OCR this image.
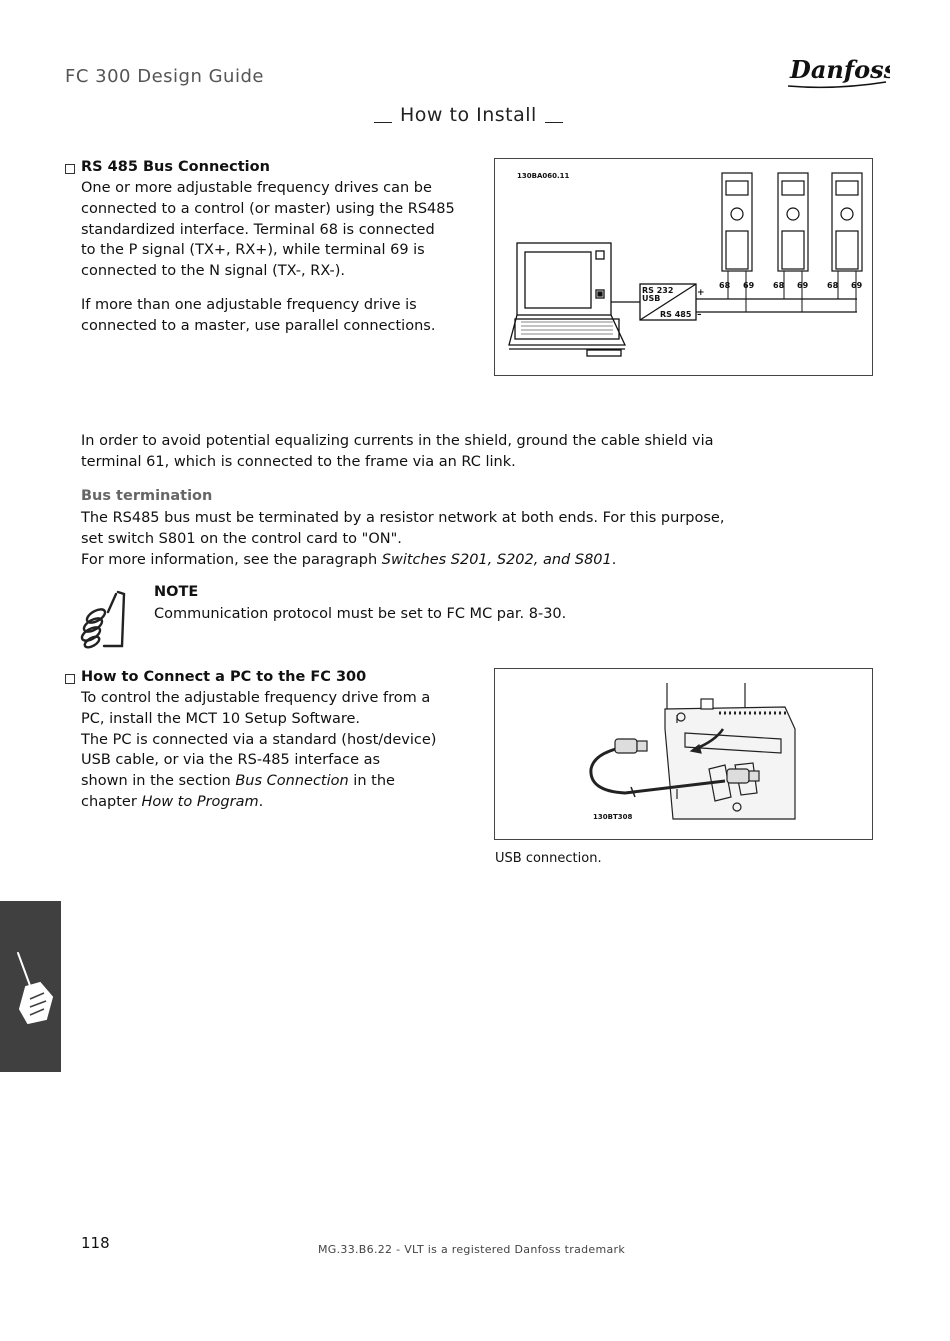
FC 300 Design Guide	Danfoss
How to Install
RS 485 Bus Connection
One or more adjustable frequency drives can be
connected to a control (or master) using the RS485
standardized interface. Terminal 68 is connected
to the P signal (TX+, RX+), while terminal 69 is
connected to the N signal (TX-, RX-).
If more than one adjustable frequency drive is
connected to a master, use parallel connections.
130BA060.11
RS 232
USB
RS 485
+
–
68 69 68 69 68 69
In order to avoid potential equalizing currents in the shield, ground the cable shield via
terminal 61, which is connected to the frame via an RC link.
Bus termination
The RS485 bus must be terminated by a resistor network at both ends. For this purpose,
set switch S801 on the control card to "ON".
For more information, see the paragraph Switches S201, S202, and S801.
NOTE
Communication protocol must be set to FC MC par. 8-30.
How to Connect a PC to the FC 300
To control the adjustable frequency drive from a
PC, install the MCT 10 Setup Software.
The PC is connected via a standard (host/device)
USB cable, or via the RS-485 interface as
shown in the section Bus Connection in the
chapter How to Program.
130BT308
USB connection.
118	MG.33.B6.22 - VLT is a registered Danfoss trademark
